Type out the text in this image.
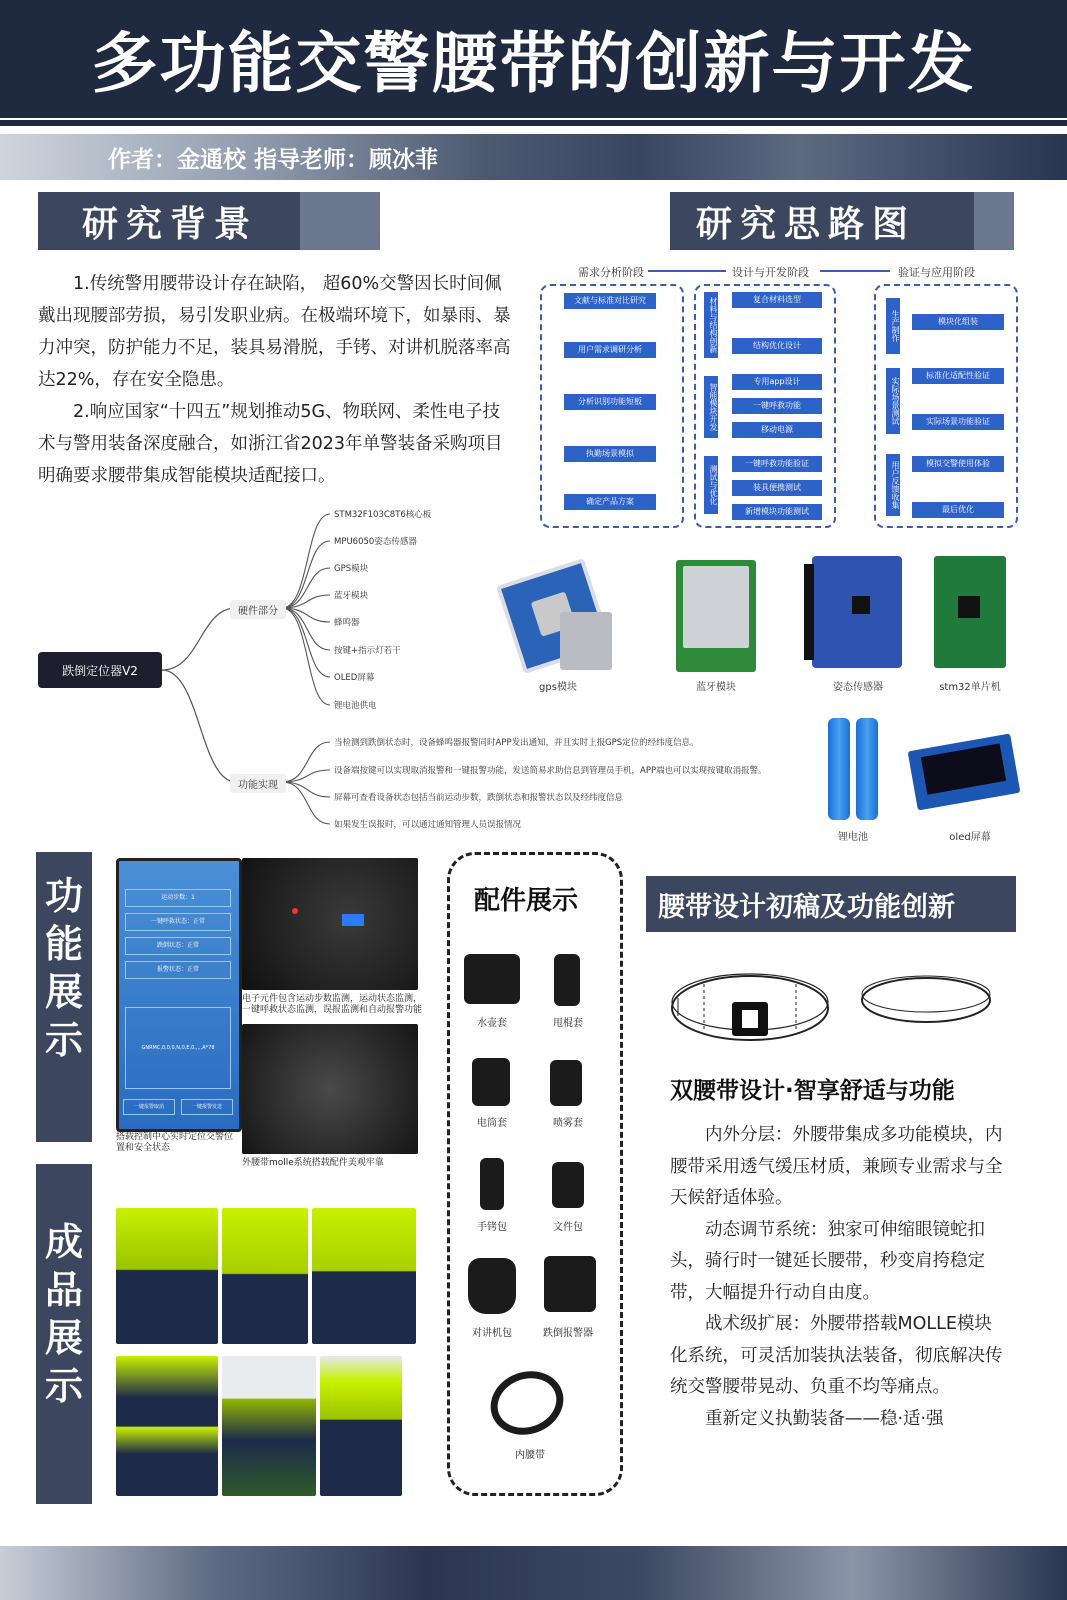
多功能交警腰带的创新与开发
作者：金通校 指导老师：顾冰菲
研究背景

1.传统警用腰带设计存在缺陷， 超60%交警因长时间佩戴出现腰部劳损，易引发职业病。在极端环境下，如暴雨、暴力冲突，防护能力不足，装具易滑脱，手铐、对讲机脱落率高达22%，存在安全隐患。

2.响应国家“十四五”规划推动5G、物联网、柔性电子技术与警用装备深度融合，如浙江省2023年单警装备采购项目明确要求腰带集成智能模块适配接口。

研究思路图
需求分析阶段	设计与开发阶段	验证与应用阶段
文献与标准对比研究
用户需求调研分析
分析识别功能短板
执勤场景模拟
确定产品方案
材料与结构创新	复合材料选型
结构优化设计
智能模块开发
专用app设计
一键呼救功能
移动电源
测试与优化
一键呼救功能验证
装具便携测试
新增模块功能测试
生产制作	模块化组装
实际场景测试
标准化适配性验证
实际场景功能验证
用户反馈收集	模拟交警使用体验
最后优化
跌倒定位器V2
硬件部分
功能实现
STM32F103C8T6核心板
MPU6050姿态传感器
GPS模块
蓝牙模块
蜂鸣器
按键+指示灯若干
OLED屏幕
锂电池供电
当检测到跌倒状态时，设备蜂鸣器报警同时APP发出通知，并且实时上报GPS定位的经纬度信息。
设备端按键可以实现取消报警和一键报警功能，发送简易求助信息到管理员手机，APP端也可以实现按键取消报警。
屏幕可查看设备状态包括当前运动步数，跌倒状态和报警状态以及经纬度信息
如果发生误报时，可以通过通知管理人员误报情况
gps模块	蓝牙模块	姿态传感器	stm32单片机
锂电池	oled屏幕
功能展示
运动步数：1
一键呼救状态：正常
跌倒状态：正常
报警状态：正常
GNRMC,0,0,0,N,0,E,0,,,,,A*78
一键报警取消	一键报警发送
搭载控制中心实时定位交警位置和安全状态
电子元件包含运动步数监测，运动状态监测，一键呼救状态监测，误报监测和自动报警功能
外腰带molle系统搭载配件美观牢靠
成品展示
配件展示
水壶套	甩棍套
电筒套	喷雾套
手铐包	文件包
对讲机包	跌倒报警器
内腰带
腰带设计初稿及功能创新
双腰带设计·智享舒适与功能

内外分层：外腰带集成多功能模块，内腰带采用透气缓压材质，兼顾专业需求与全天候舒适体验。

动态调节系统：独家可伸缩眼镜蛇扣头，骑行时一键延长腰带，秒变肩挎稳定带，大幅提升行动自由度。

战术级扩展：外腰带搭载MOLLE模块化系统，可灵活加装执法装备，彻底解决传统交警腰带晃动、负重不均等痛点。

重新定义执勤装备——稳·适·强
